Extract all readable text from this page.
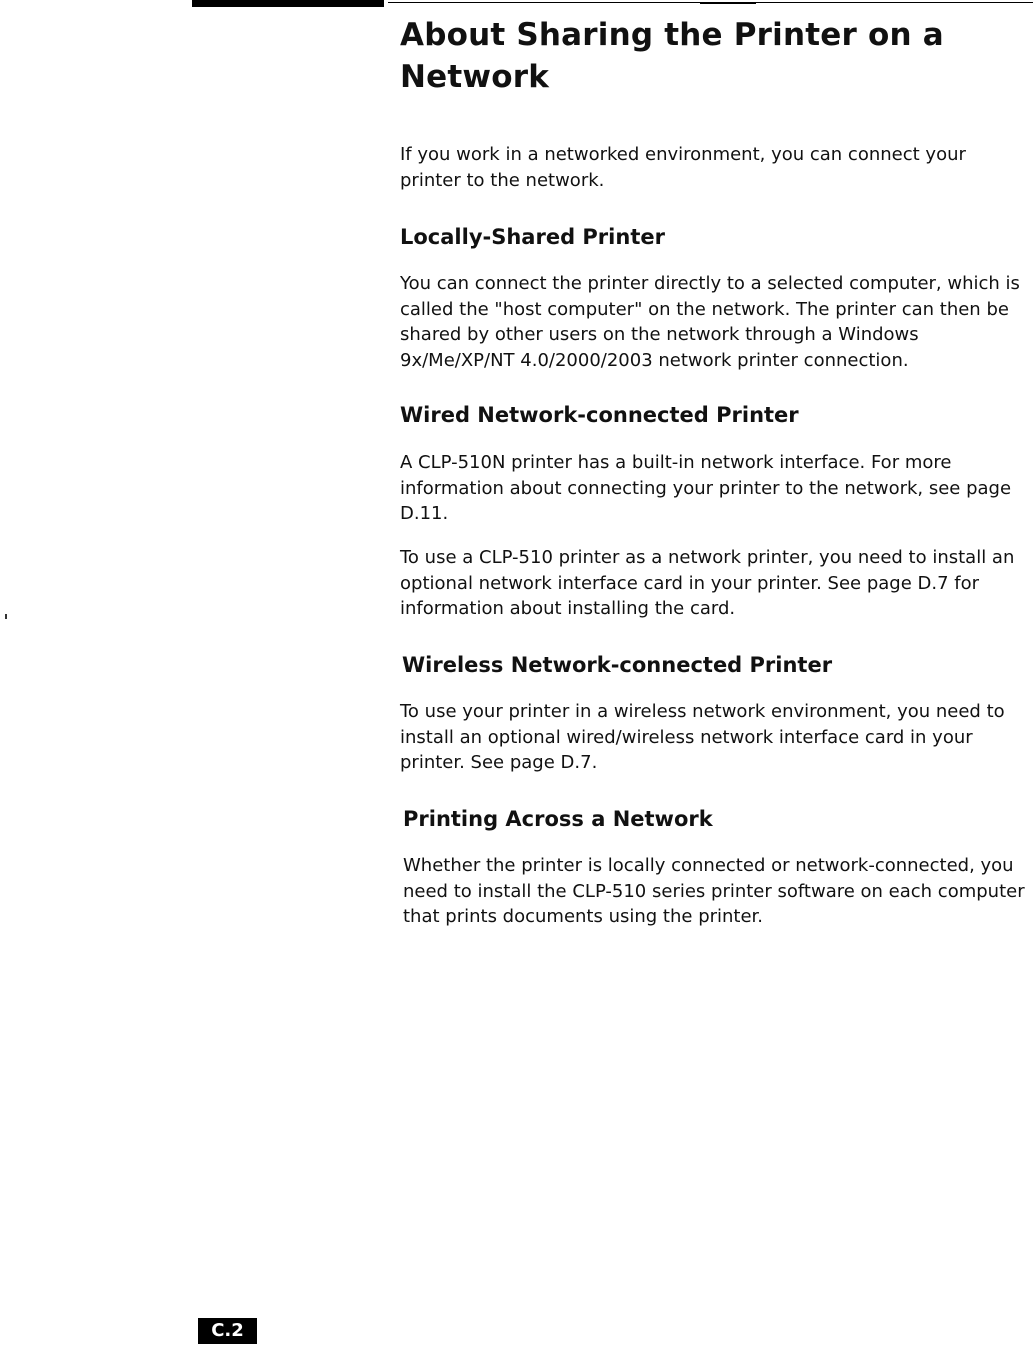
About Sharing the Printer on a Network

If you work in a networked environment, you can connect your printer to the network.

Locally-Shared Printer

You can connect the printer directly to a selected computer, which is called the "host computer" on the network. The printer can then be shared by other users on the network through a Windows 9x/Me/XP/NT 4.0/2000/2003 network printer connection.

Wired Network-connected Printer

A CLP-510N printer has a built-in network interface. For more information about connecting your printer to the network, see page D.11.

To use a CLP-510 printer as a network printer, you need to install an optional network interface card in your printer. See page D.7 for information about installing the card.

Wireless Network-connected Printer

To use your printer in a wireless network environment, you need to install an optional wired/wireless network interface card in your printer. See page D.7.

Printing Across a Network

Whether the printer is locally connected or network-connected, you need to install the CLP-510 series printer software on each computer that prints documents using the printer.

C.2
